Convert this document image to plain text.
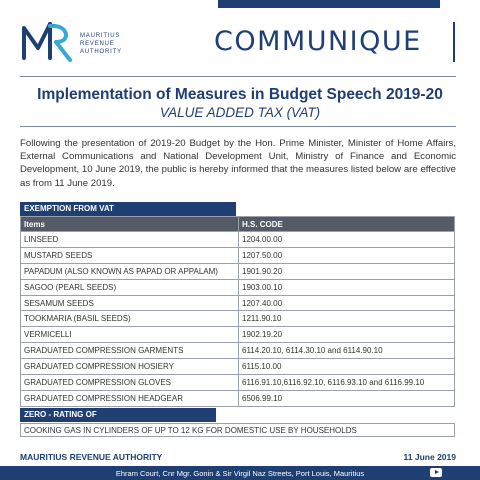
MAURITIUS
REVENUE
AUTHORITY	COMMUNIQUE
Implementation of Measures in Budget Speech 2019-20
VALUE ADDED TAX (VAT)
Following the presentation of 2019-20 Budget by the Hon. Prime Minister, Minister of Home Affairs, External Communications and National Development Unit, Ministry of Finance and Economic Development, 10 June 2019, the public is hereby informed that the measures listed below are effective as from 11 June 2019.
EXEMPTION FROM VAT
Items	H.S. CODE
LINSEED	1204.00.00
MUSTARD SEEDS	1207.50.00
PAPADUM (ALSO KNOWN AS PAPAD OR APPALAM)	1901.90.20
SAGOO (PEARL SEEDS)	1903.00.10
SESAMUM SEEDS	1207.40.00
TOOKMARIA (BASIL SEEDS)	1211.90.10
VERMICELLI	1902.19.20
GRADUATED COMPRESSION GARMENTS	6114.20.10, 6114.30.10 and 6114.90.10
GRADUATED COMPRESSION HOSIERY	6115.10.00
GRADUATED COMPRESSION GLOVES	6116.91.10,6116.92.10, 6116.93.10 and 6116.99.10
GRADUATED COMPRESSION HEADGEAR	6506.99.10
ZERO - RATING OF
COOKING GAS IN CYLINDERS OF UP TO 12 KG FOR DOMESTIC USE BY HOUSEHOLDS
MAURITIUS REVENUE AUTHORITY	11 June 2019
Ehram Court, Cnr Mgr. Gonin & Sir Virgil Naz Streets, Port Louis, Mauritius
